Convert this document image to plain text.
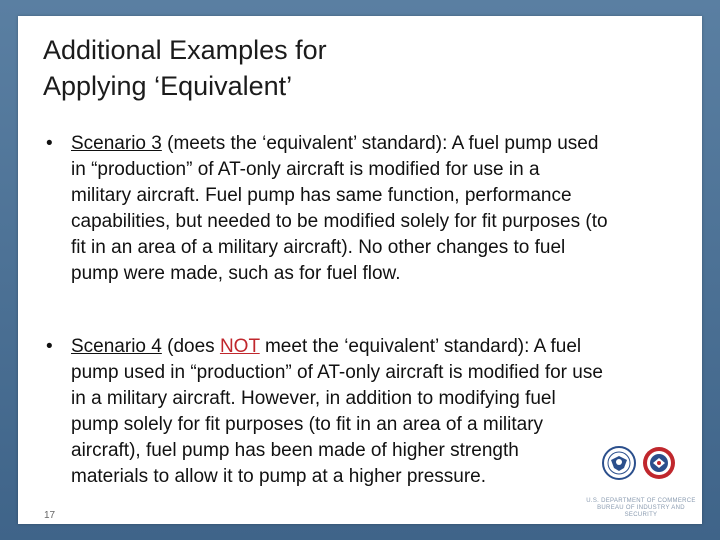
Additional Examples for
Applying ‘Equivalent’
• Scenario 3 (meets the ‘equivalent’ standard): A fuel pump used
in “production” of AT-only aircraft is modified for use in a
military aircraft. Fuel pump has same function, performance
capabilities, but needed to be modified solely for fit purposes (to
fit in an area of a military aircraft). No other changes to fuel
pump were made, such as for fuel flow.
• Scenario 4 (does NOT meet the ‘equivalent’ standard): A fuel
pump used in “production” of AT-only aircraft is modified for use
in a military aircraft. However, in addition to modifying fuel
pump solely for fit purposes (to fit in an area of a military
aircraft), fuel pump has been made of higher strength
materials to allow it to pump at a higher pressure.
U.S. DEPARTMENT OF COMMERCE
BUREAU OF INDUSTRY AND SECURITY
17
